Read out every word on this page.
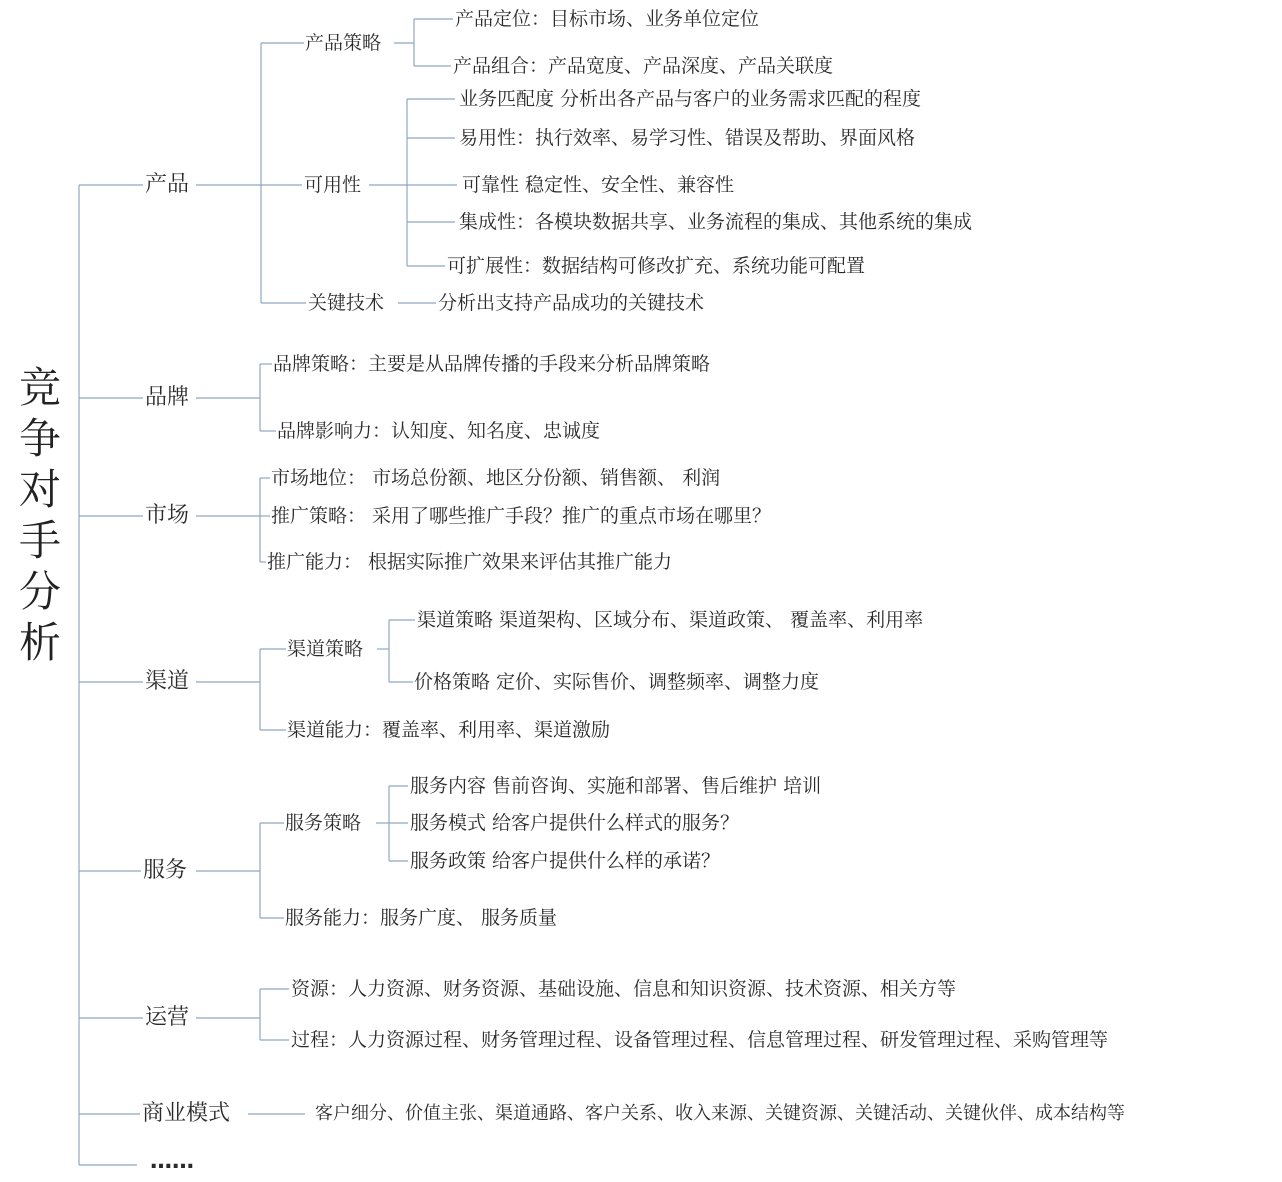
竞
争
对
手
分
析
产品
产品策略
产品定位：目标市场、业务单位定位
产品组合：产品宽度、产品深度、产品关联度
可用性
业务匹配度 分析出各产品与客户的业务需求匹配的程度
易用性：执行效率、易学习性、错误及帮助、界面风格
可靠性 稳定性、安全性、兼容性
集成性：各模块数据共享、业务流程的集成、其他系统的集成
可扩展性：数据结构可修改扩充、系统功能可配置
关键技术	分析出支持产品成功的关键技术
品牌
品牌策略：主要是从品牌传播的手段来分析品牌策略
品牌影响力：认知度、知名度、忠诚度
市场
市场地位： 市场总份额、地区分份额、销售额、 利润
推广策略： 采用了哪些推广手段？推广的重点市场在哪里？
推广能力： 根据实际推广效果来评估其推广能力
渠道
渠道策略
渠道策略 渠道架构、区域分布、渠道政策、 覆盖率、利用率
价格策略 定价、实际售价、调整频率、调整力度
渠道能力：覆盖率、利用率、渠道激励
服务
服务策略
服务内容 售前咨询、实施和部署、售后维护 培训
服务模式 给客户提供什么样式的服务？
服务政策 给客户提供什么样的承诺？
服务能力：服务广度、 服务质量
运营
资源：人力资源、财务资源、基础设施、信息和知识资源、技术资源、相关方等
过程：人力资源过程、财务管理过程、设备管理过程、信息管理过程、研发管理过程、采购管理等
商业模式	客户细分、价值主张、渠道通路、客户关系、收入来源、关键资源、关键活动、关键伙伴、成本结构等
……
